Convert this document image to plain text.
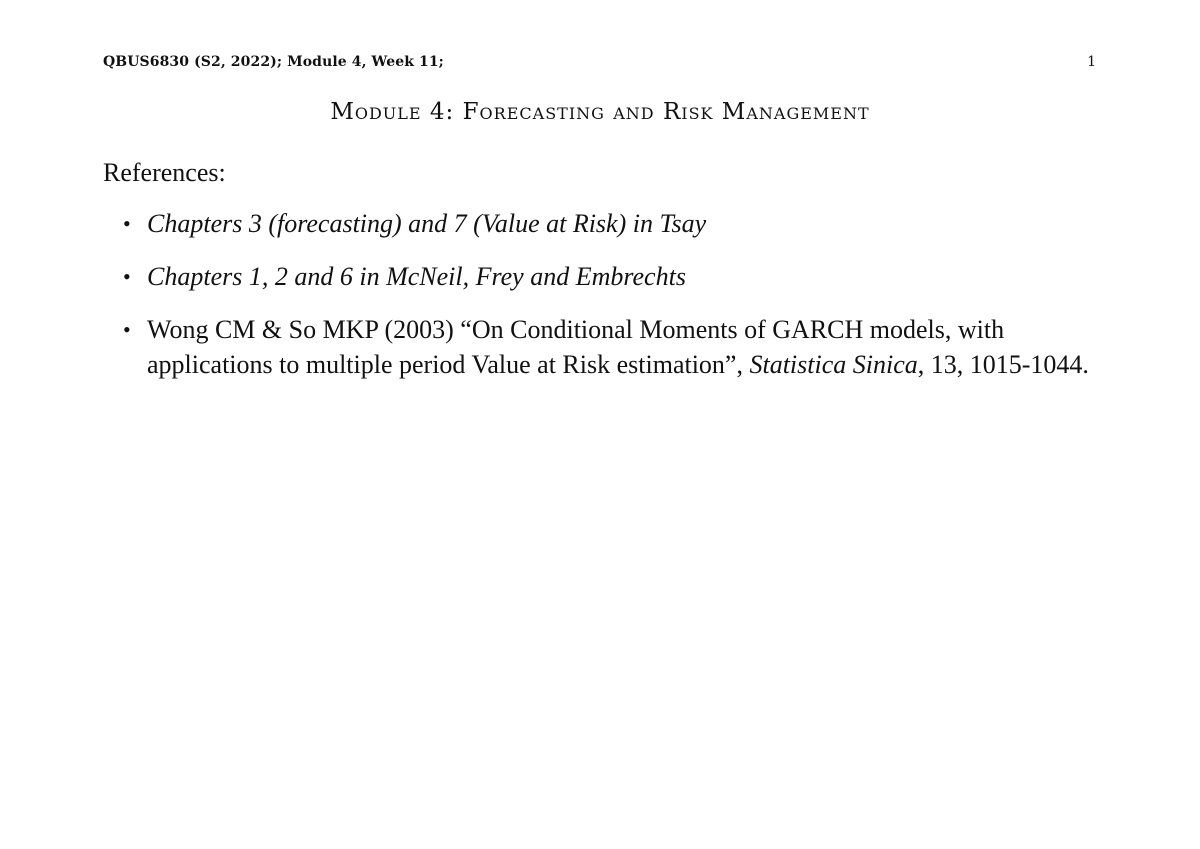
QBUS6830 (S2, 2022); Module 4, Week 11;	1
Module 4: Forecasting and Risk Management
References:
• Chapters 3 (forecasting) and 7 (Value at Risk) in Tsay
• Chapters 1, 2 and 6 in McNeil, Frey and Embrechts
• Wong CM & So MKP (2003) “On Conditional Moments of GARCH models, with applications to multiple period Value at Risk estimation”, Statistica Sinica, 13, 1015-1044.
